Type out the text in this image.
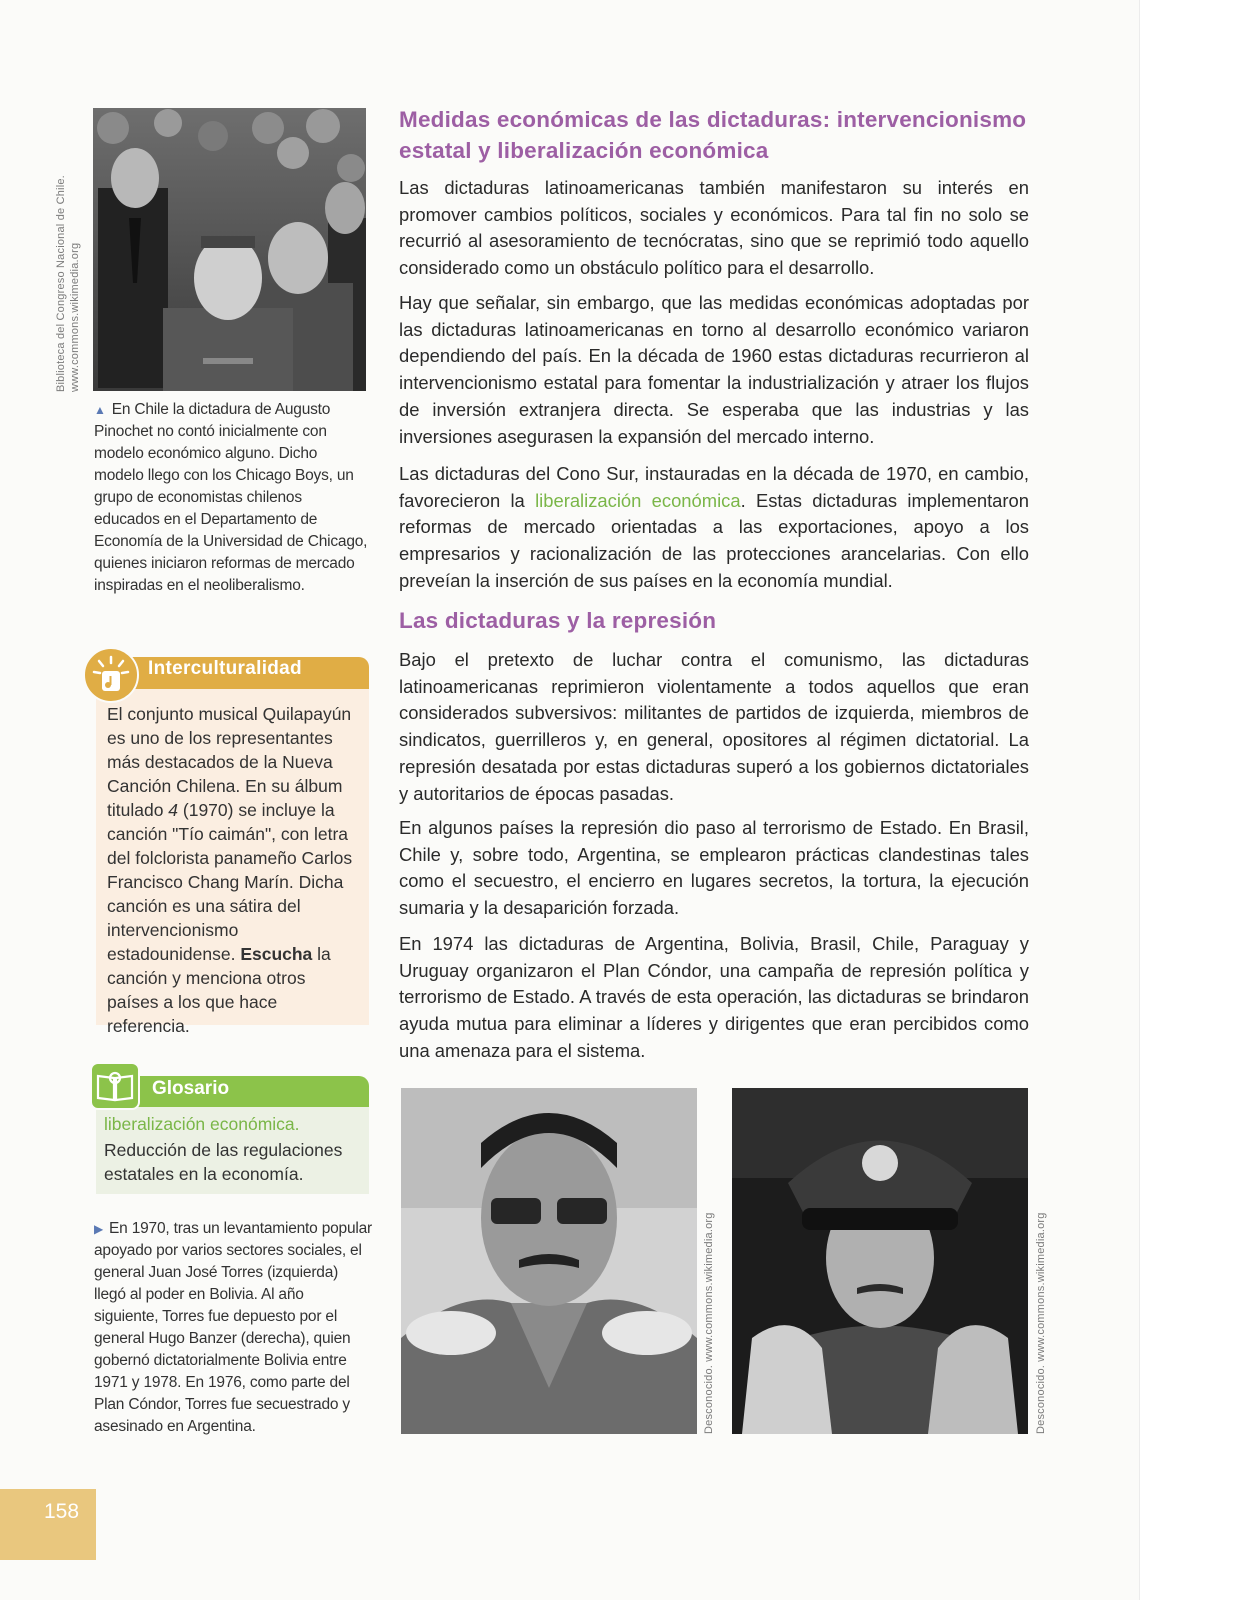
Biblioteca del Congreso Nacional de Chile. www.commons.wikimedia.org

▲ En Chile la dictadura de Augusto Pinochet no contó inicialmente con modelo económico alguno. Dicho modelo llego con los Chicago Boys, un grupo de economistas chilenos educados en el Departamento de Economía de la Universidad de Chicago, quienes iniciaron reformas de mercado inspiradas en el neoliberalismo.

Interculturalidad

El conjunto musical Quilapayún es uno de los representantes más destacados de la Nueva Canción Chilena. En su álbum titulado 4 (1970) se incluye la canción "Tío caimán", con letra del folclorista panameño Carlos Francisco Chang Marín. Dicha canción es una sátira del intervencionismo estadounidense. Escucha la canción y menciona otros países a los que hace referencia.

Glosario
liberalización económica.

Reducción de las regulaciones estatales en la economía.

▶ En 1970, tras un levantamiento popular apoyado por varios sectores sociales, el general Juan José Torres (izquierda) llegó al poder en Bolivia. Al año siguiente, Torres fue depuesto por el general Hugo Banzer (derecha), quien gobernó dictatorialmente Bolivia entre 1971 y 1978. En 1976, como parte del Plan Cóndor, Torres fue secuestrado y asesinado en Argentina.

Medidas económicas de las dictaduras: intervencionismo estatal y liberalización económica

Las dictaduras latinoamericanas también manifestaron su interés en promover cambios políticos, sociales y económicos. Para tal fin no solo se recurrió al asesoramiento de tecnócratas, sino que se reprimió todo aquello considerado como un obstáculo político para el desarrollo.

Hay que señalar, sin embargo, que las medidas económicas adoptadas por las dictaduras latinoamericanas en torno al desarrollo económico variaron dependiendo del país. En la década de 1960 estas dictaduras recurrieron al intervencionismo estatal para fomentar la industrialización y atraer los flujos de inversión extranjera directa. Se esperaba que las industrias y las inversiones asegurasen la expansión del mercado interno.

Las dictaduras del Cono Sur, instauradas en la década de 1970, en cambio, favorecieron la liberalización económica. Estas dictaduras implementaron reformas de mercado orientadas a las exportaciones, apoyo a los empresarios y racionalización de las protecciones arancelarias. Con ello preveían la inserción de sus países en la economía mundial.

Las dictaduras y la represión

Bajo el pretexto de luchar contra el comunismo, las dictaduras latinoamericanas reprimieron violentamente a todos aquellos que eran considerados subversivos: militantes de partidos de izquierda, miembros de sindicatos, guerrilleros y, en general, opositores al régimen dictatorial. La represión desatada por estas dictaduras superó a los gobiernos dictatoriales y autoritarios de épocas pasadas.

En algunos países la represión dio paso al terrorismo de Estado. En Brasil, Chile y, sobre todo, Argentina, se emplearon prácticas clandestinas tales como el secuestro, el encierro en lugares secretos, la tortura, la ejecución sumaria y la desaparición forzada.

En 1974 las dictaduras de Argentina, Bolivia, Brasil, Chile, Paraguay y Uruguay organizaron el Plan Cóndor, una campaña de represión política y terrorismo de Estado. A través de esta operación, las dictaduras se brindaron ayuda mutua para eliminar a líderes y dirigentes que eran percibidos como una amenaza para el sistema.

Desconocido. www.commons.wikimedia.org	Desconocido. www.commons.wikimedia.org
158
